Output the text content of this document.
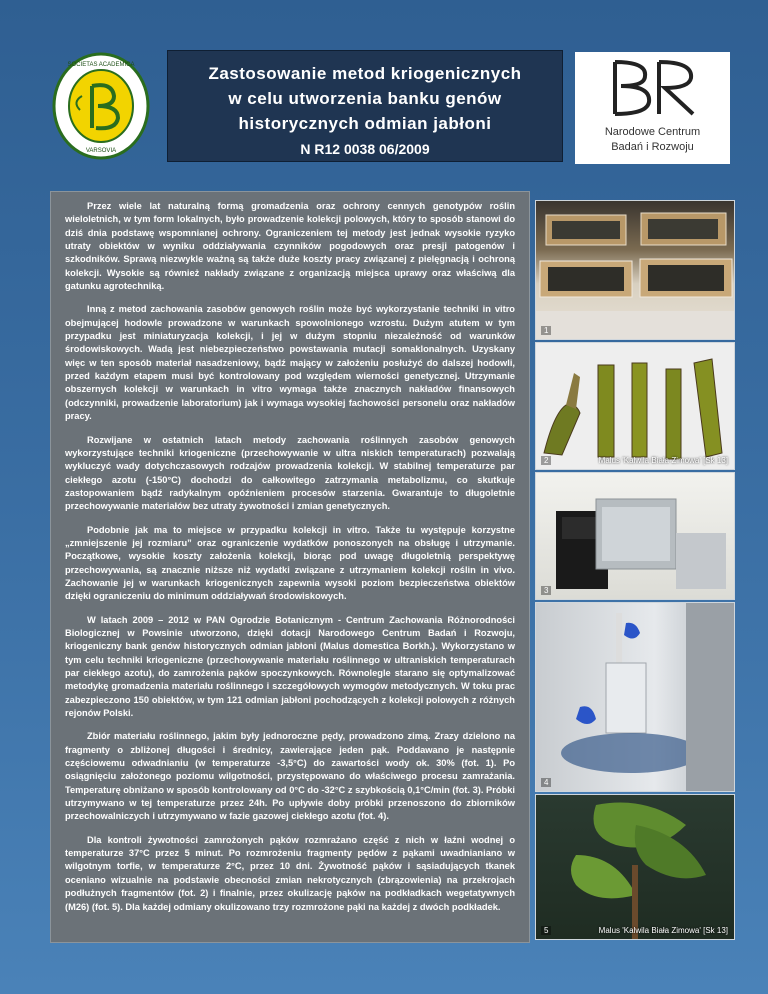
SOCIETAS ACADEMICA
VARSOVIA
Zastosowanie metod kriogenicznych
w celu utworzenia banku genów
historycznych odmian jabłoni
N R12 0038 06/2009
Narodowe Centrum
Badań i Rozwoju

Przez wiele lat naturalną formą gromadzenia oraz ochrony cennych genotypów roślin wieloletnich, w tym form lokalnych, było prowadzenie kolekcji polowych, który to sposób stanowi do dziś dnia podstawę wspomnianej ochrony. Ograniczeniem tej metody jest jednak wysokie ryzyko utraty obiektów w wyniku oddziaływania czynników pogodowych oraz presji patogenów i szkodników. Sprawą niezwykle ważną są także duże koszty pracy związanej z pielęgnacją i ochroną kolekcji. Wysokie są również nakłady związane z organizacją miejsca uprawy oraz właściwą dla gatunku agrotechniką.

Inną z metod zachowania zasobów genowych roślin może być wykorzystanie techniki in vitro obejmującej hodowle prowadzone w warunkach spowolnionego wzrostu. Dużym atutem w tym przypadku jest miniaturyzacja kolekcji, i jej w dużym stopniu niezależność od warunków środowiskowych. Wadą jest niebezpieczeństwo powstawania mutacji somaklonalnych. Uzyskany więc w ten sposób materiał nasadzeniowy, bądź mający w założeniu posłużyć do dalszej hodowli, przed każdym etapem musi być kontrolowany pod względem wierności genetycznej. Utrzymanie obszernych kolekcji w warunkach in vitro wymaga także znacznych nakładów finansowych (odczynniki, prowadzenie laboratorium) jak i wymaga wysokiej fachowości personelu oraz nakładów pracy.

Rozwijane w ostatnich latach metody zachowania roślinnych zasobów genowych wykorzystujące techniki kriogeniczne (przechowywanie w ultra niskich temperaturach) pozwalają wykluczyć wady dotychczasowych rodzajów prowadzenia kolekcji. W stabilnej temperaturze par ciekłego azotu (-150°C) dochodzi do całkowitego zatrzymania metabolizmu, co skutkuje zastopowaniem bądź radykalnym opóźnieniem procesów starzenia. Gwarantuje to długoletnie przechowywanie materiałów bez utraty żywotności i zmian genetycznych.

Podobnie jak ma to miejsce w przypadku kolekcji in vitro. Także tu występuje korzystne „zmniejszenie jej rozmiaru” oraz ograniczenie wydatków ponoszonych na obsługę i utrzymanie. Początkowe, wysokie koszty założenia kolekcji, biorąc pod uwagę długoletnią perspektywę przechowywania, są znacznie niższe niż wydatki związane z utrzymaniem kolekcji roślin in vivo. Zachowanie jej w warunkach kriogenicznych zapewnia wysoki poziom bezpieczeństwa obiektów dzięki ograniczeniu do minimum oddziaływań środowiskowych.

W latach 2009 – 2012 w PAN Ogrodzie Botanicznym - Centrum Zachowania Różnorodności Biologicznej w Powsinie utworzono, dzięki dotacji Narodowego Centrum Badań i Rozwoju, kriogeniczny bank genów historycznych odmian jabłoni (Malus domestica Borkh.). Wykorzystano w tym celu techniki kriogeniczne (przechowywanie materiału roślinnego w ultraniskich temperaturach par ciekłego azotu), do zamrożenia pąków spoczynkowych. Równolegle starano się optymalizować metodykę gromadzenia materiału roślinnego i szczegółowych wymogów metodycznych. W toku prac zabezpieczono 150 obiektów, w tym 121 odmian jabłoni pochodzących z kolekcji polowych z różnych rejonów Polski.

Zbiór materiału roślinnego, jakim były jednoroczne pędy, prowadzono zimą. Zrazy dzielono na fragmenty o zbliżonej długości i średnicy, zawierające jeden pąk. Poddawano je następnie częściowemu odwadnianiu (w temperaturze -3,5°C) do zawartości wody ok. 30% (fot. 1). Po osiągnięciu założonego poziomu wilgotności, przystępowano do właściwego procesu zamrażania. Temperaturę obniżano w sposób kontrolowany od 0°C do -32°C z szybkością 0,1°C/min (fot. 3). Próbki utrzymywano w tej temperaturze przez 24h. Po upływie doby próbki przenoszono do zbiorników przechowalniczych i utrzymywano w fazie gazowej ciekłego azotu (fot. 4).

Dla kontroli żywotności zamrożonych pąków rozmrażano część z nich w łaźni wodnej o temperaturze 37°C przez 5 minut. Po rozmrożeniu fragmenty pędów z pąkami uwadnianiano w wilgotnym torfie, w temperaturze 2°C, przez 10 dni. Żywotność pąków i sąsiadujących tkanek oceniano wizualnie na podstawie obecności zmian nekrotycznych (zbrązowienia) na przekrojach podłużnych fragmentów (fot. 2) i finalnie, przez okulizację pąków na podkładkach wegetatywnych (M26) (fot. 5). Dla każdej odmiany okulizowano trzy rozmrożone pąki na każdej z dwóch podkładek.

1
2	Malus 'Kalwila Biała Zimowa' [Sk 13]
3
4
5	Malus 'Kalwila Biała Zimowa' [Sk 13]
